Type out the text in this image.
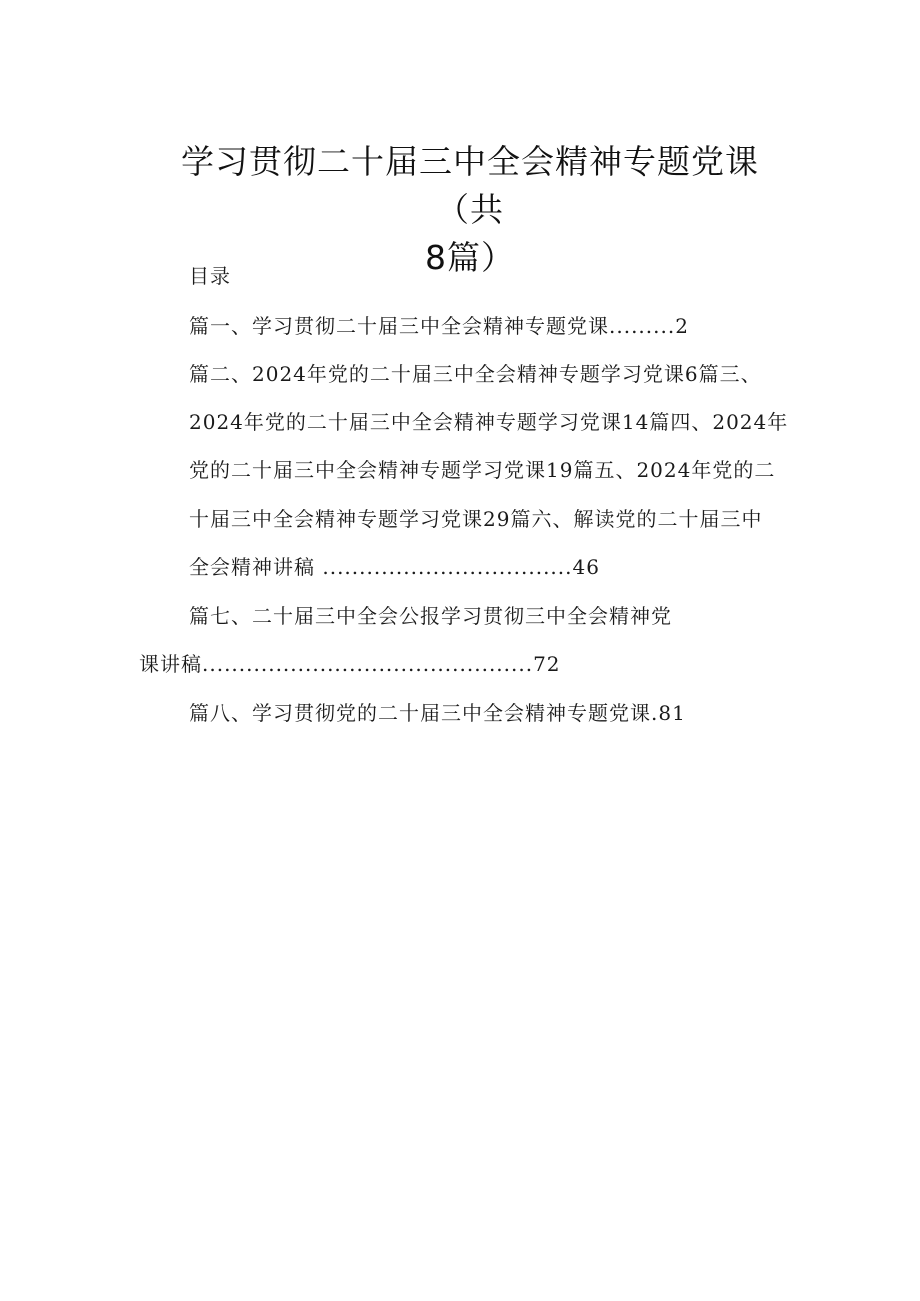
学习贯彻二十届三中全会精神专题党课（共
8篇）
目录
篇一、学习贯彻二十届三中全会精神专题党课.........2
篇二、2024年党的二十届三中全会精神专题学习党课6篇三、
2024年党的二十届三中全会精神专题学习党课14篇四、2024年
党的二十届三中全会精神专题学习党课19篇五、2024年党的二
十届三中全会精神专题学习党课29篇六、解读党的二十届三中
全会精神讲稿 ..................................46
篇七、二十届三中全会公报学习贯彻三中全会精神党
课讲稿.............................................72
篇八、学习贯彻党的二十届三中全会精神专题党课.81
